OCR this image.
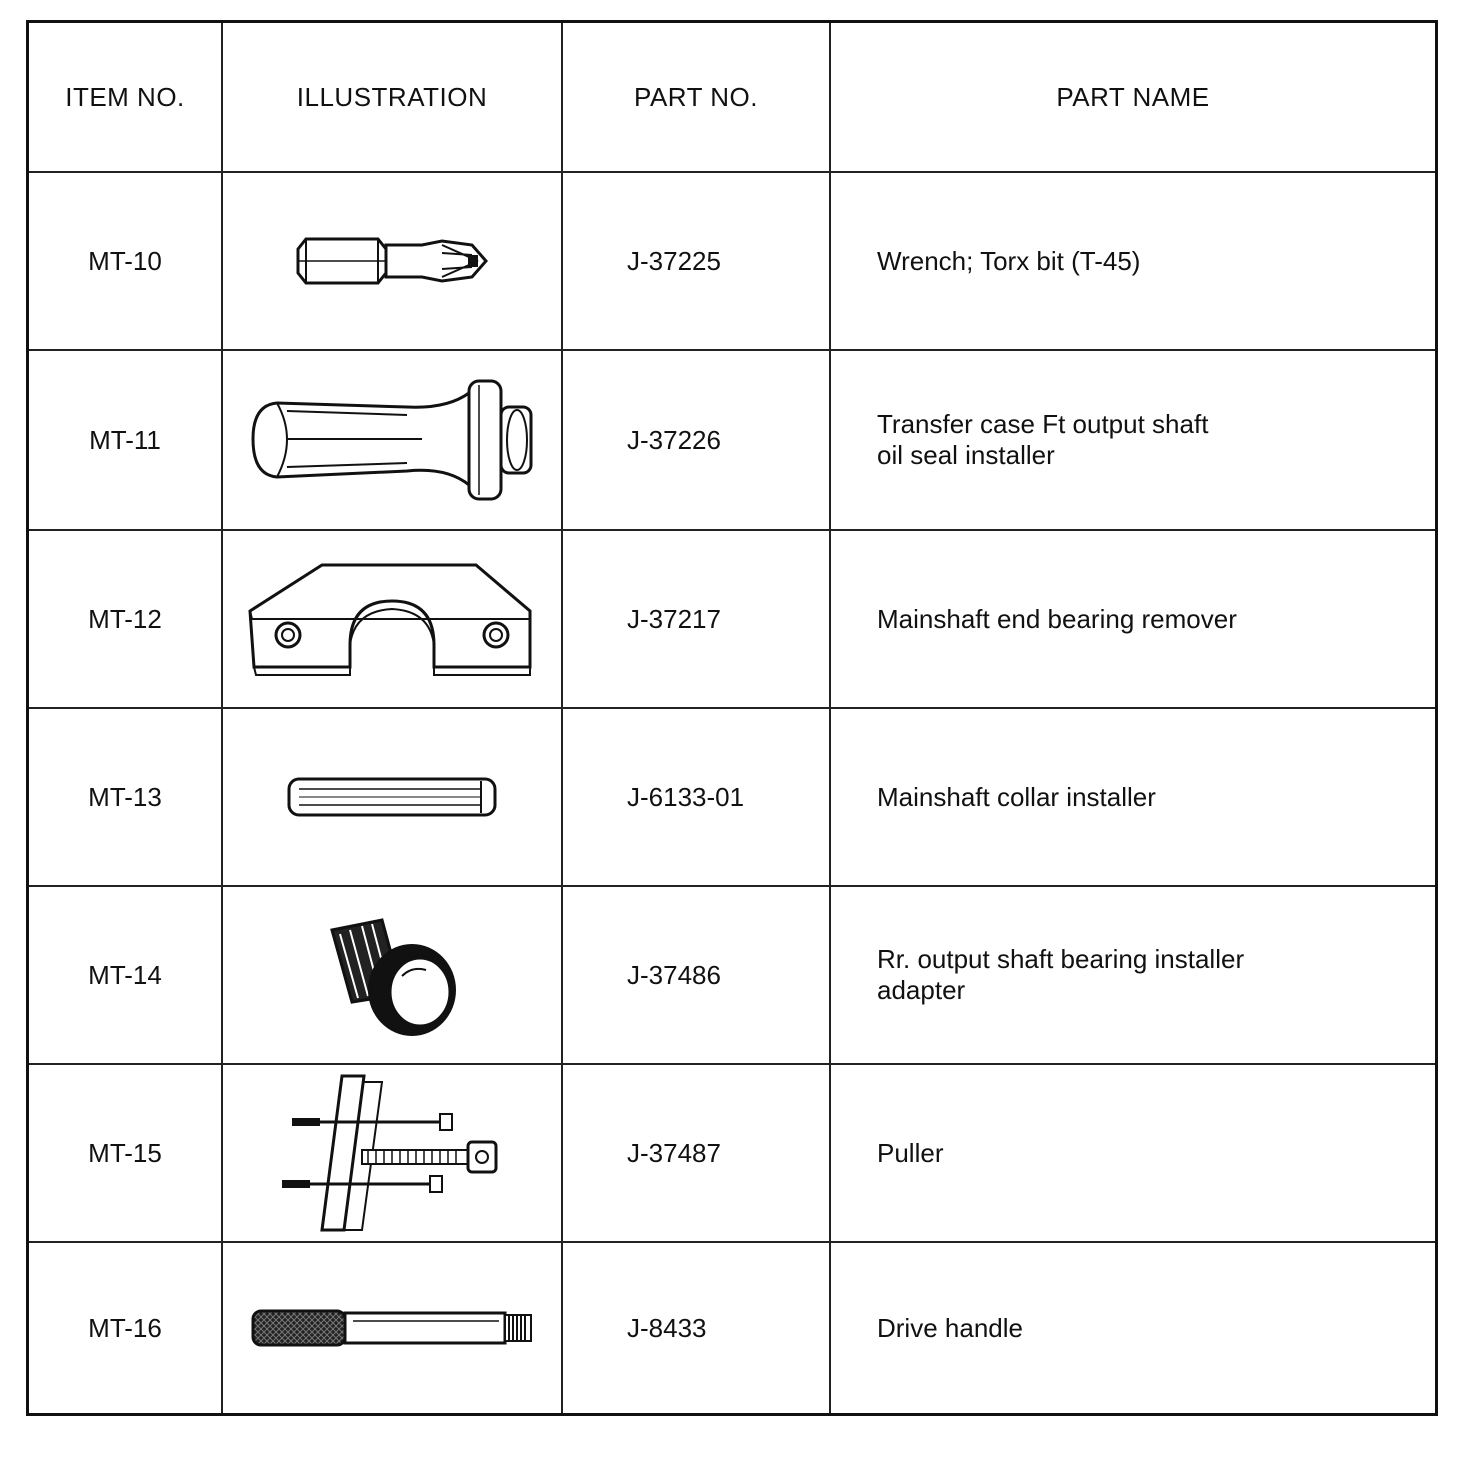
ITEM NO.	ILLUSTRATION	PART NO.	PART NAME
MT-10	J-37225	Wrench; Torx bit (T-45)
MT-11	J-37226
Transfer case Ft output shaft
oil seal installer
MT-12	J-37217	Mainshaft end bearing remover
MT-13	J-6133-01	Mainshaft collar installer
MT-14	J-37486
Rr. output shaft bearing installer
adapter
MT-15	J-37487	Puller
MT-16	J-8433	Drive handle
